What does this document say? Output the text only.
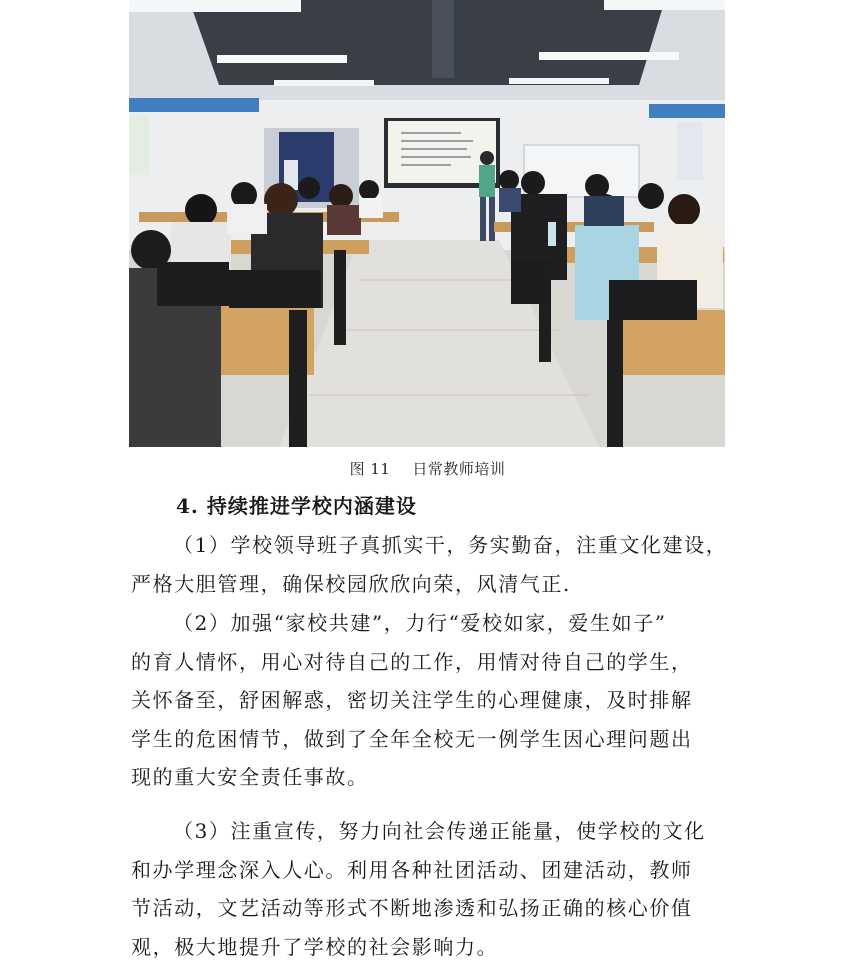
图 11 日常教师培训
4. 持续推进学校内涵建设

（1）学校领导班子真抓实干，务实勤奋，注重文化建设，
严格大胆管理，确保校园欣欣向荣，风清气正.

（2）加强“家校共建”，力行“爱校如家，爱生如子”
的育人情怀，用心对待自己的工作，用情对待自己的学生，
关怀备至，舒困解惑，密切关注学生的心理健康，及时排解
学生的危困情节，做到了全年全校无一例学生因心理问题出
现的重大安全责任事故。

（3）注重宣传，努力向社会传递正能量，使学校的文化
和办学理念深入人心。利用各种社团活动、团建活动，教师
节活动，文艺活动等形式不断地渗透和弘扬正确的核心价值
观，极大地提升了学校的社会影响力。
